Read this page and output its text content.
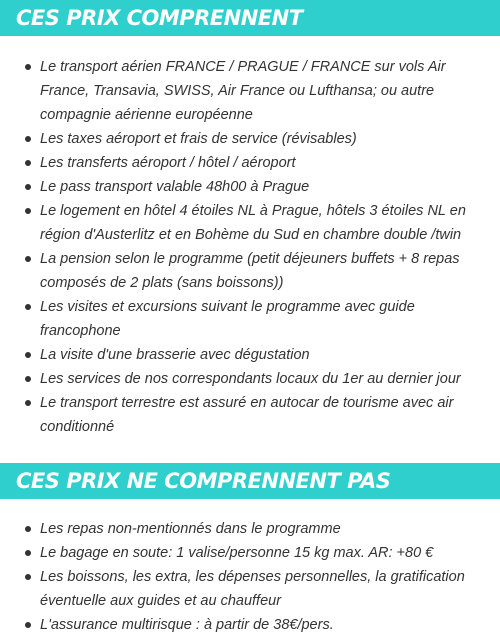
CES PRIX COMPRENNENT
Le transport aérien FRANCE / PRAGUE / FRANCE sur vols Air France, Transavia, SWISS, Air France ou Lufthansa; ou autre compagnie aérienne européenne
Les taxes aéroport et frais de service (révisables)
Les transferts aéroport / hôtel / aéroport
Le pass transport valable 48h00 à Prague
Le logement en hôtel 4 étoiles NL à Prague, hôtels 3 étoiles NL en région d'Austerlitz et en Bohème du Sud en chambre double /twin
La pension selon le programme (petit déjeuners buffets + 8 repas composés de 2 plats (sans boissons))
Les visites et excursions suivant le programme avec guide francophone
La visite d'une brasserie avec dégustation
Les services de nos correspondants locaux du 1er au dernier jour
Le transport terrestre est assuré en autocar de tourisme avec air conditionné
CES PRIX NE COMPRENNENT PAS
Les repas non-mentionnés dans le programme
Le bagage en soute: 1 valise/personne 15 kg max. AR: +80 €
Les boissons, les extra, les dépenses personnelles, la gratification éventuelle aux guides et au chauffeur
L'assurance multirisque : à partir de 38€/pers.
